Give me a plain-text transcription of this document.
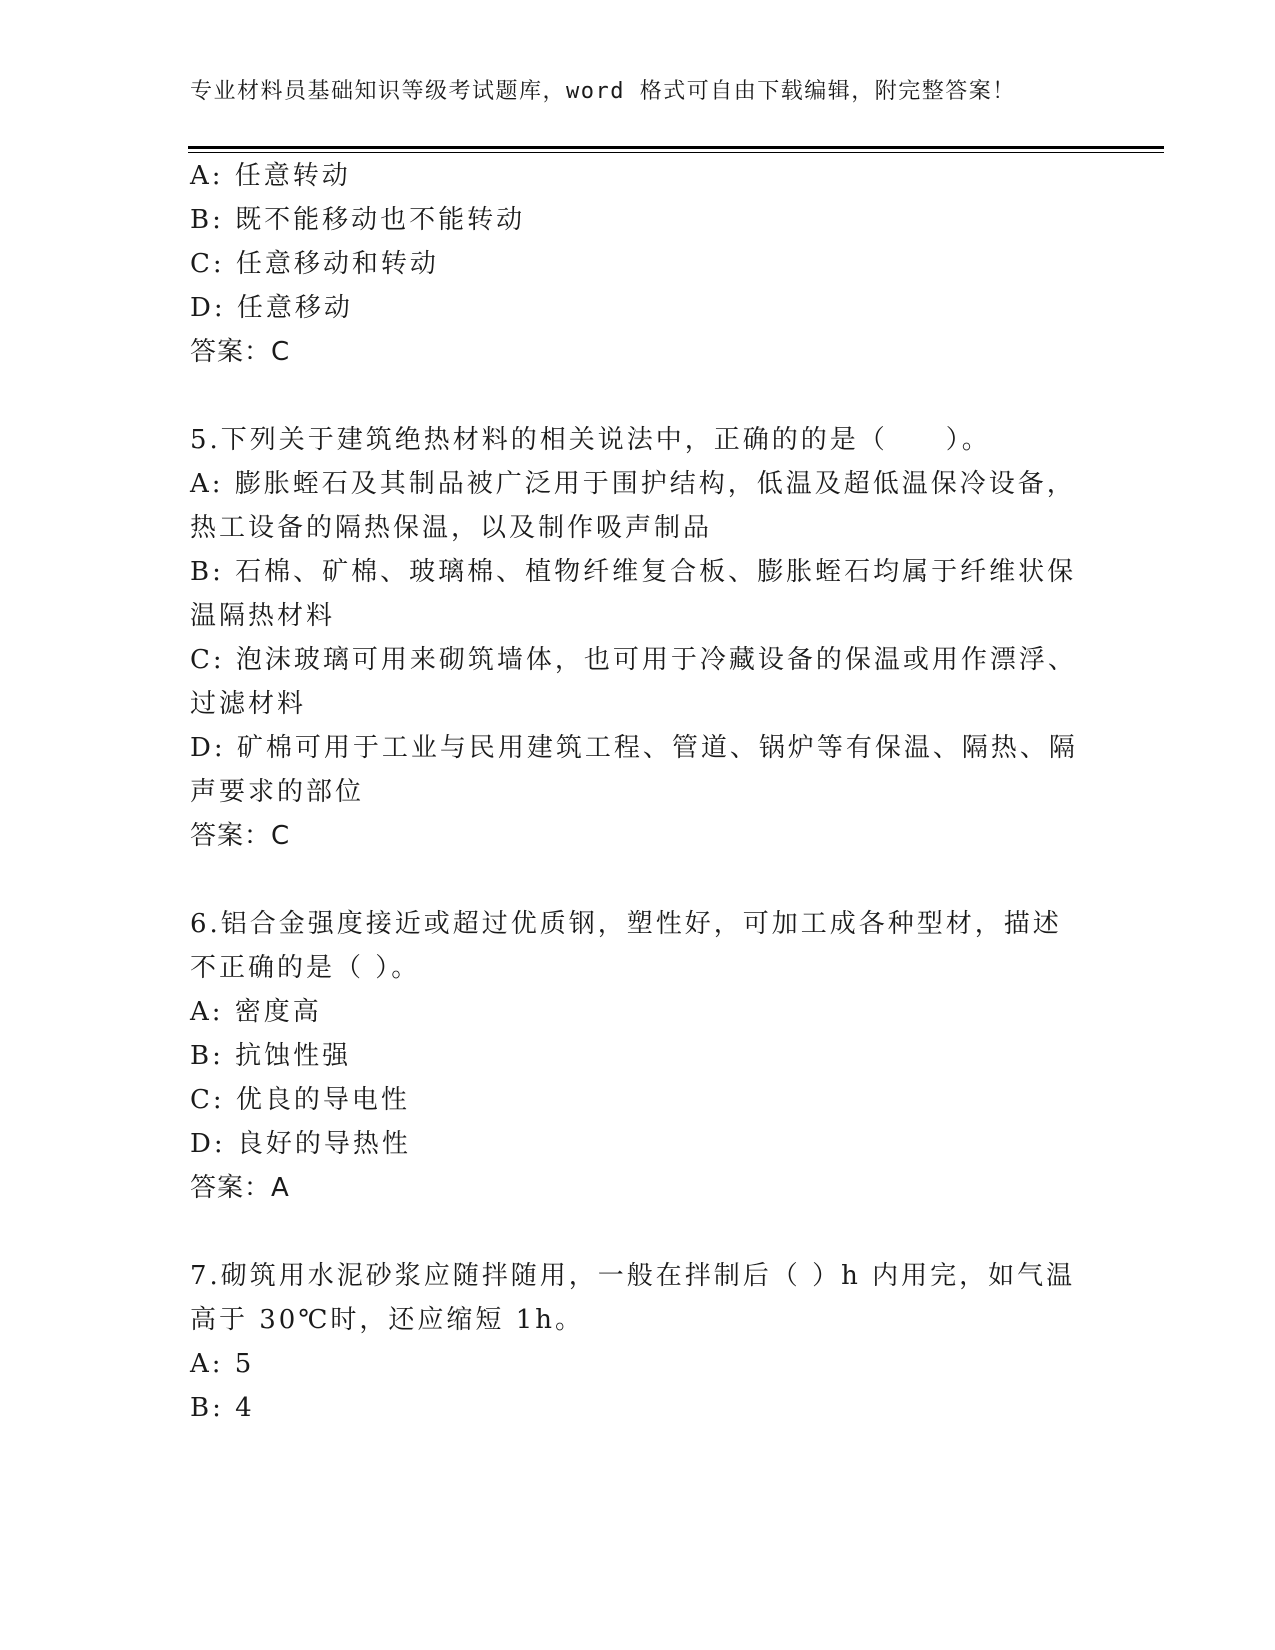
专业材料员基础知识等级考试题库，word 格式可自由下载编辑，附完整答案！
A: 任意转动
B: 既不能移动也不能转动
C: 任意移动和转动
D: 任意移动
答案：C
5.下列关于建筑绝热材料的相关说法中，正确的的是（　　）。
A: 膨胀蛭石及其制品被广泛用于围护结构，低温及超低温保冷设备，
热工设备的隔热保温，以及制作吸声制品
B: 石棉、矿棉、玻璃棉、植物纤维复合板、膨胀蛭石均属于纤维状保
温隔热材料
C: 泡沫玻璃可用来砌筑墙体，也可用于冷藏设备的保温或用作漂浮、
过滤材料
D: 矿棉可用于工业与民用建筑工程、管道、锅炉等有保温、隔热、隔
声要求的部位
答案：C
6.铝合金强度接近或超过优质钢，塑性好，可加工成各种型材，描述
不正确的是（ ）。
A: 密度高
B: 抗蚀性强
C: 优良的导电性
D: 良好的导热性
答案：A
7.砌筑用水泥砂浆应随拌随用，一般在拌制后（ ）h 内用完，如气温
高于 30℃时，还应缩短 1h。
A: 5
B: 4
